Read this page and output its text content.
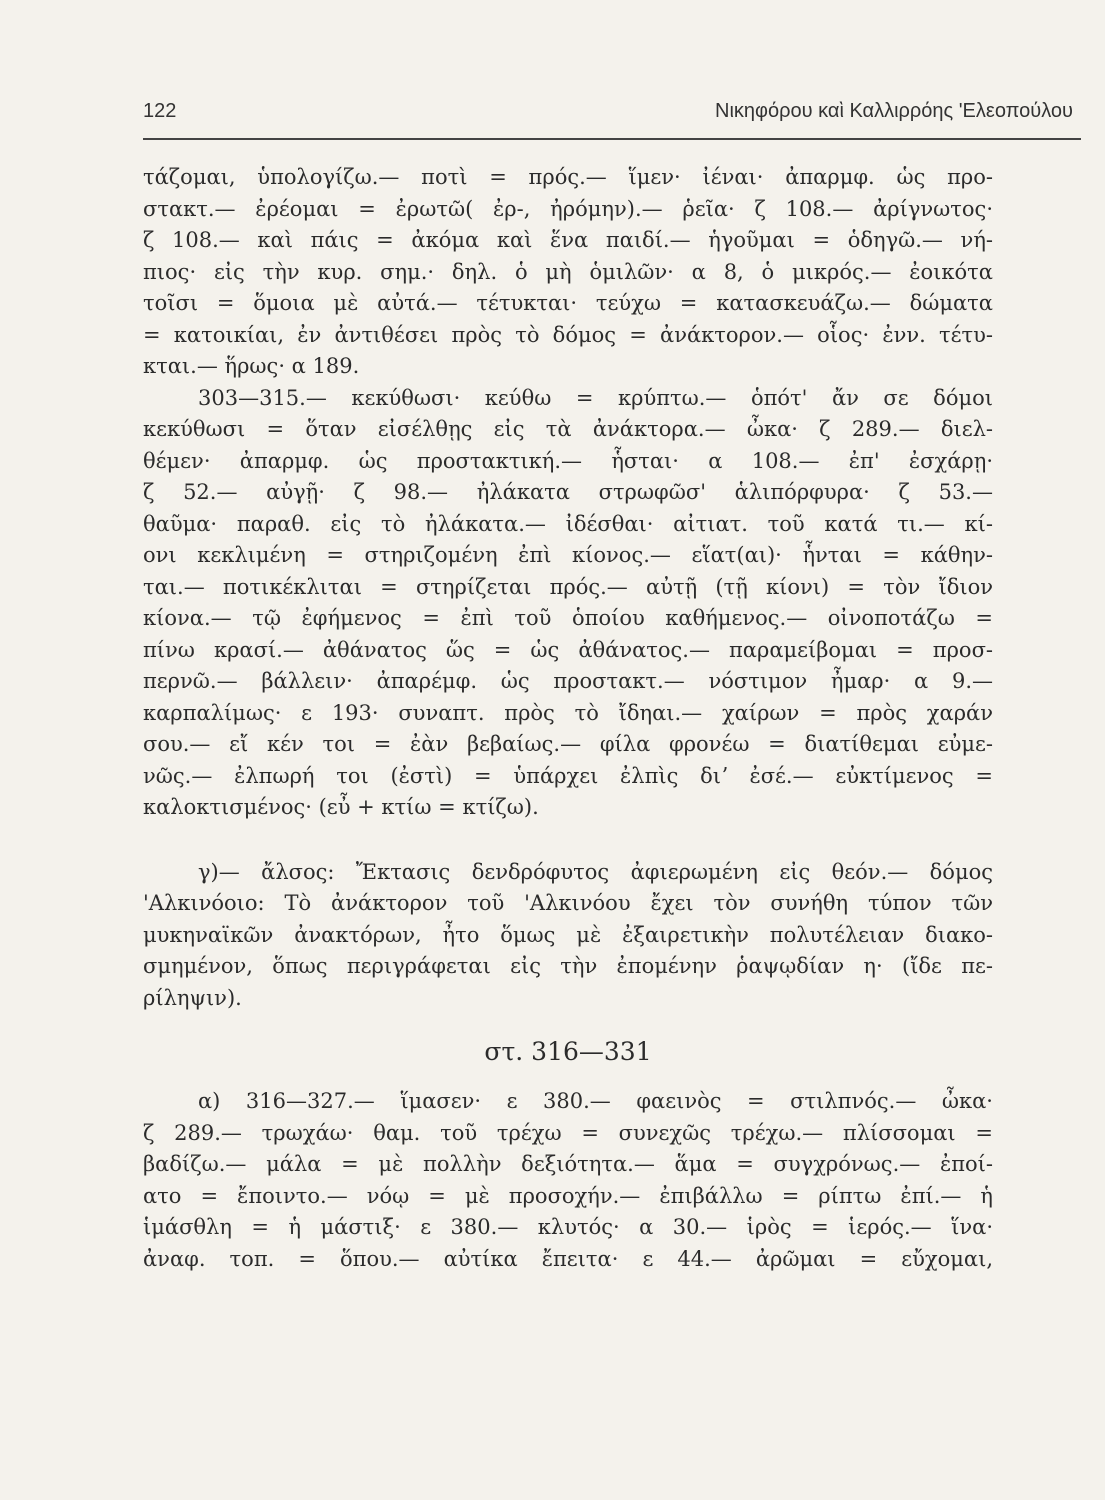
122	Νικηφόρου καὶ Καλλιρρόης 'Ελεοπούλου
τάζομαι, ὑπολογίζω.— ποτὶ = πρός.— ἵμεν· ἰέναι· ἀπαρμφ. ὡς προ-
στακτ.— ἐρέομαι = ἐρωτῶ( ἐρ-, ἠρόμην).— ῥεῖα· ζ 108.— ἀρίγνωτος·
ζ 108.— καὶ πάις = ἀκόμα καὶ ἕνα παιδί.— ἡγοῦμαι = ὁδηγῶ.— νή-
πιος· εἰς τὴν κυρ. σημ.· δηλ. ὁ μὴ ὁμιλῶν· α 8, ὁ μικρός.— ἐοικότα
τοῖσι = ὅμοια μὲ αὐτά.— τέτυκται· τεύχω = κατασκευάζω.— δώματα
= κατοικίαι, ἐν ἀντιθέσει πρὸς τὸ δόμος = ἀνάκτορον.— οἷος· ἐνν. τέτυ-
κται.— ἥρως· α 189.
303—315.— κεκύθωσι· κεύθω = κρύπτω.— ὁπότ' ἄν σε δόμοι
κεκύθωσι = ὅταν εἰσέλθῃς εἰς τὰ ἀνάκτορα.— ὦκα· ζ 289.— διελ-
θέμεν· ἀπαρμφ. ὡς προστακτική.— ἧσται· α 108.— ἐπ' ἐσχάρῃ·
ζ 52.— αὐγῇ· ζ 98.— ἠλάκατα στρωφῶσ' ἁλιπόρφυρα· ζ 53.—
θαῦμα· παραθ. εἰς τὸ ἠλάκατα.— ἰδέσθαι· αἰτιατ. τοῦ κατά τι.— κί-
ονι κεκλιμένη = στηριζομένη ἐπὶ κίονος.— εἵατ(αι)· ἧνται = κάθην-
ται.— ποτικέκλιται = στηρίζεται πρός.— αὐτῇ (τῇ κίονι) = τὸν ἴδιον
κίονα.— τῷ ἐφήμενος = ἐπὶ τοῦ ὁποίου καθήμενος.— οἰνοποτάζω =
πίνω κρασί.— ἀθάνατος ὥς = ὡς ἀθάνατος.— παραμείβομαι = προσ-
περνῶ.— βάλλειν· ἀπαρέμφ. ὡς προστακτ.— νόστιμον ἦμαρ· α 9.—
καρπαλίμως· ε 193· συναπτ. πρὸς τὸ ἴδηαι.— χαίρων = πρὸς χαράν
σου.— εἴ κέν τοι = ἐὰν βεβαίως.— φίλα φρονέω = διατίθεμαι εὐμε-
νῶς.— ἐλπωρή τοι (ἐστὶ) = ὑπάρχει ἐλπὶς διʼ ἐσέ.— εὐκτίμενος =
καλοκτισμένος· (εὖ + κτίω = κτίζω).
γ)— ἄλσος: Ἔκτασις δενδρόφυτος ἀφιερωμένη εἰς θεόν.— δόμος
'Αλκινόοιο: Τὸ ἀνάκτορον τοῦ 'Αλκινόου ἔχει τὸν συνήθη τύπον τῶν
μυκηναϊκῶν ἀνακτόρων, ἦτο ὅμως μὲ ἐξαιρετικὴν πολυτέλειαν διακο-
σμημένον, ὅπως περιγράφεται εἰς τὴν ἐπομένην ῥαψῳδίαν η· (ἴδε πε-
ρίληψιν).
στ. 316—331
α) 316—327.— ἵμασεν· ε 380.— φαεινὸς = στιλπνός.— ὦκα·
ζ 289.— τρωχάω· θαμ. τοῦ τρέχω = συνεχῶς τρέχω.— πλίσσομαι =
βαδίζω.— μάλα = μὲ πολλὴν δεξιότητα.— ἅμα = συγχρόνως.— ἐποί-
ατο = ἔποιντο.— νόῳ = μὲ προσοχήν.— ἐπιβάλλω = ρίπτω ἐπί.— ἡ
ἱμάσθλη = ἡ μάστιξ· ε 380.— κλυτός· α 30.— ἱρὸς = ἱερός.— ἵνα·
ἀναφ. τοπ. = ὅπου.— αὐτίκα ἔπειτα· ε 44.— ἀρῶμαι = εὔχομαι,
